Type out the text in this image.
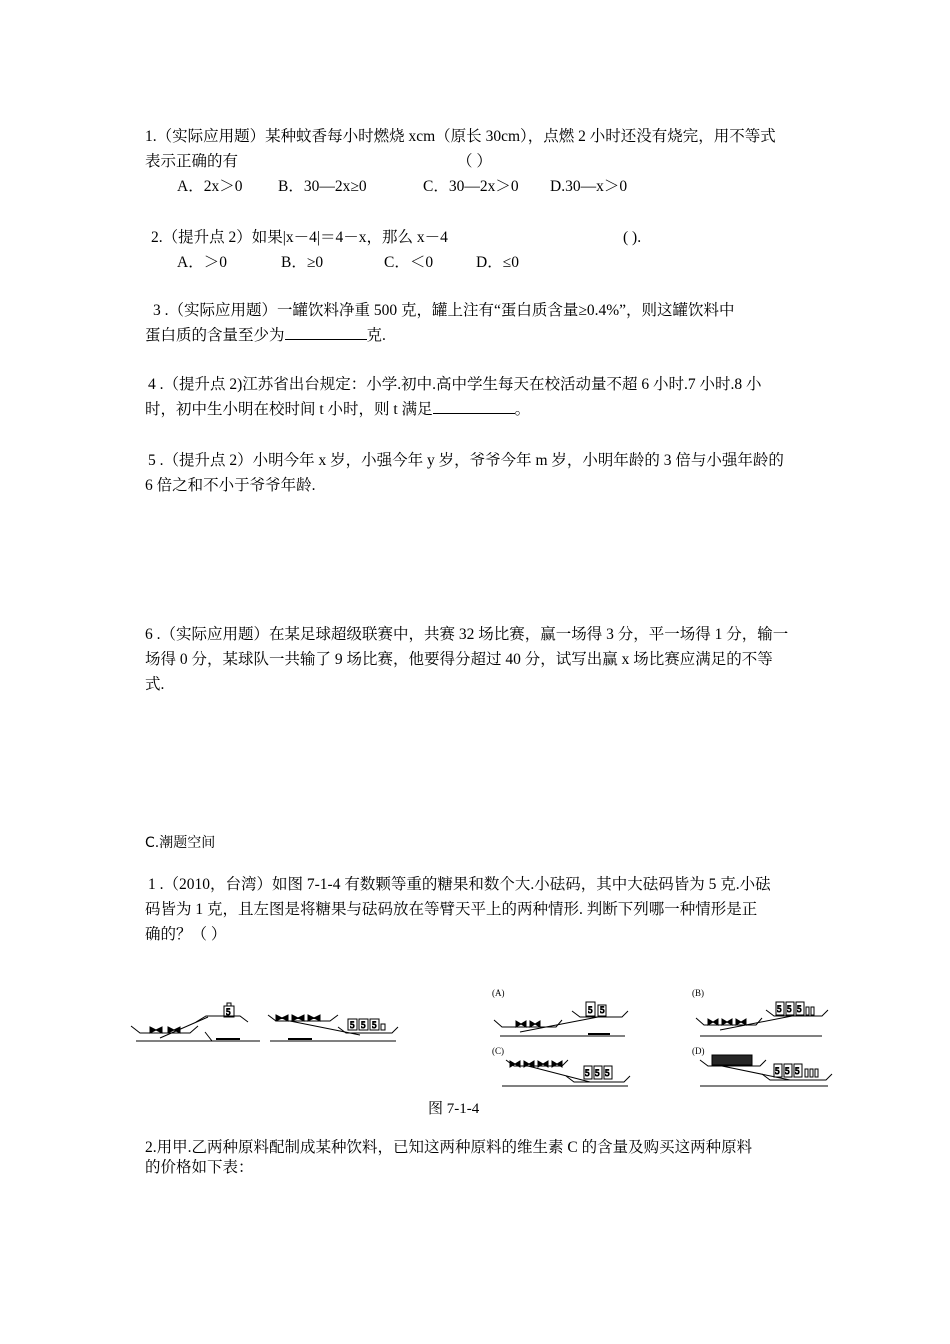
1.（实际应用题）某种蚊香每小时燃烧 xcm（原长 30cm），点燃 2 小时还没有烧完，用不等式
表示正确的有	（ ）
A．2x＞0 B．30—2x≥0	C．30—2x＞0 D.30—x＞0
2.（提升点 2）如果|x－4|＝4－x，那么 x－4	( ).
A．＞0	B．≥0	C．＜0	D．≤0
3 .（实际应用题）一罐饮料净重 500 克，罐上注有“蛋白质含量≥0.4%”，则这罐饮料中
蛋白质的含量至少为	克.
4 .（提升点 2)江苏省出台规定：小学.初中.高中学生每天在校活动量不超 6 小时.7 小时.8 小
时，初中生小明在校时间 t 小时，则 t 满足	。
5 .（提升点 2）小明今年 x 岁，小强今年 y 岁，爷爷今年 m 岁，小明年龄的 3 倍与小强年龄的
6 倍之和不小于爷爷年龄.
6 .（实际应用题）在某足球超级联赛中，共赛 32 场比赛，赢一场得 3 分，平一场得 1 分，输一
场得 0 分，某球队一共输了 9 场比赛，他要得分超过 40 分，试写出赢 x 场比赛应满足的不等
式.
C.潮题空间
1 .（2010，台湾）如图 7-1-4 有数颗等重的糖果和数个大.小砝码，其中大砝码皆为 5 克.小砝
码皆为 1 克，且左图是将糖果与砝码放在等臂天平上的两种情形. 判断下列哪一种情形是正
确的？（ ）
5
5 5 5
5 5	5 5 5
5 5 5	5 5 5
(A)	(B)
(C)	(D)
图 7-1-4
2.用甲.乙两种原料配制成某种饮料，已知这两种原料的维生素 C 的含量及购买这两种原料
的价格如下表：
